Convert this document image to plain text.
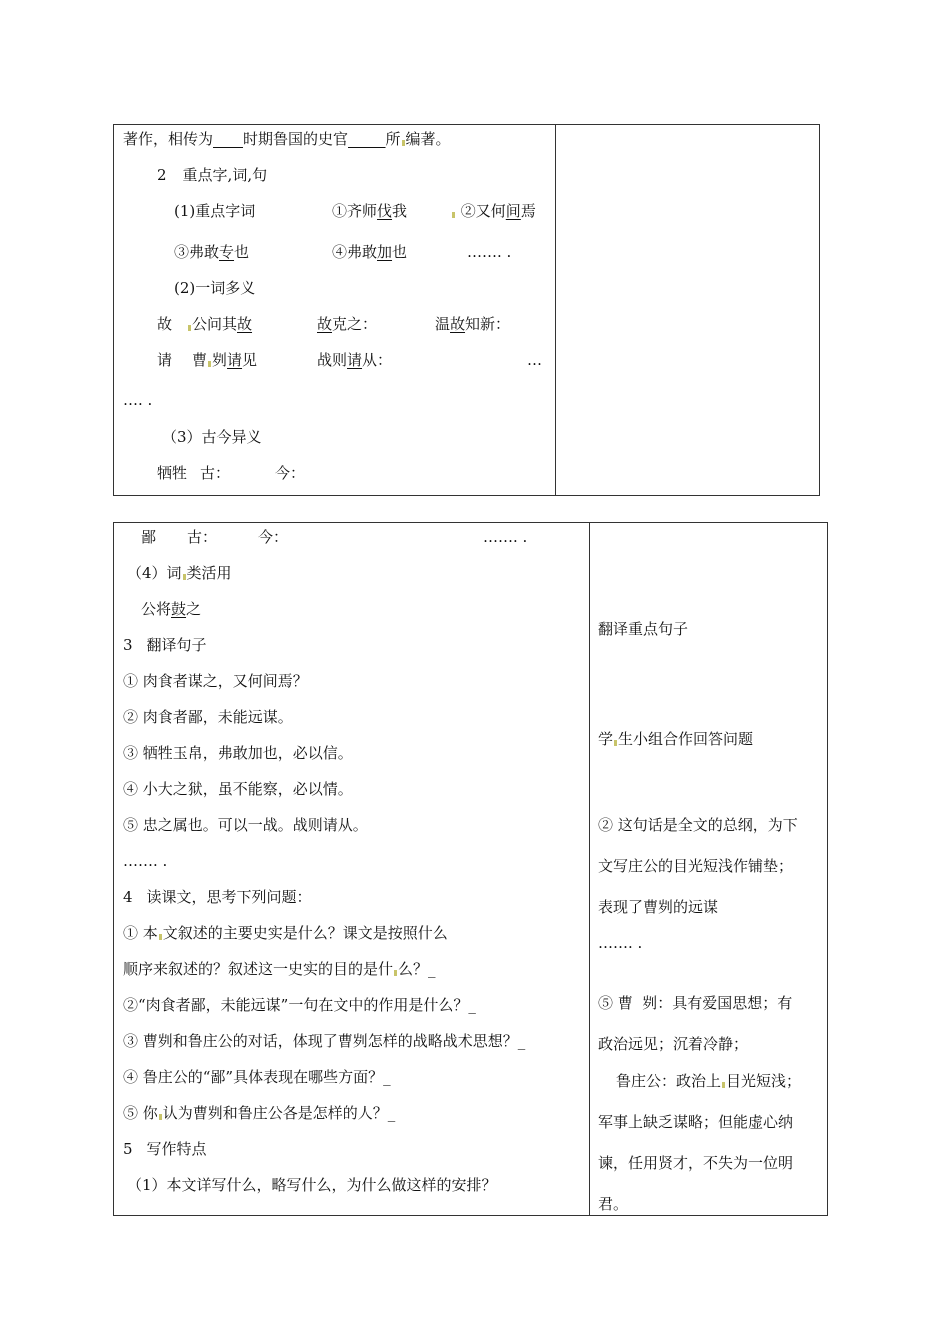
著作，相传为____时期鲁国的史官_____所 编著。
2 重点字,词,句
(1)重点字词	①齐师伐我	②又何间焉
③弗敢专也	④弗敢加也	……. .
(2)一词多义
故	公问其故	故克之：	温故知新：
请 曹 刿请见	战则请从：	…
…. .
（3）古今异义
牺牲 古：	今：
鄙 古：	今：	……. .
（4）词 类活用
公将鼓之
3 翻译句子
① 肉食者谋之，又何间焉？
② 肉食者鄙，未能远谋。
③ 牺牲玉帛，弗敢加也，必以信。
④ 小大之狱，虽不能察，必以情。
⑤ 忠之属也。可以一战。战则请从。
……. .
4 读课文，思考下列问题：
① 本 文叙述的主要史实是什么？课文是按照什么
顺序来叙述的？叙述这一史实的目的是什 么？_
②“肉食者鄙，未能远谋”一句在文中的作用是什么？_
③ 曹刿和鲁庄公的对话，体现了曹刿怎样的战略战术思想？_
④ 鲁庄公的“鄙”具体表现在哪些方面？_
⑤ 你 认为曹刿和鲁庄公各是怎样的人？_
5 写作特点
（1）本文详写什么，略写什么，为什么做这样的安排？
翻译重点句子
学 生小组合作回答问题
② 这句话是全文的总纲，为下
文写庄公的目光短浅作铺垫；
表现了曹刿的远谋
……. .
⑤ 曹  刿：具有爱国思想；有
政治远见；沉着冷静；
鲁庄公：政治上 目光短浅；
军事上缺乏谋略；但能虚心纳
谏，任用贤才，不失为一位明
君。
